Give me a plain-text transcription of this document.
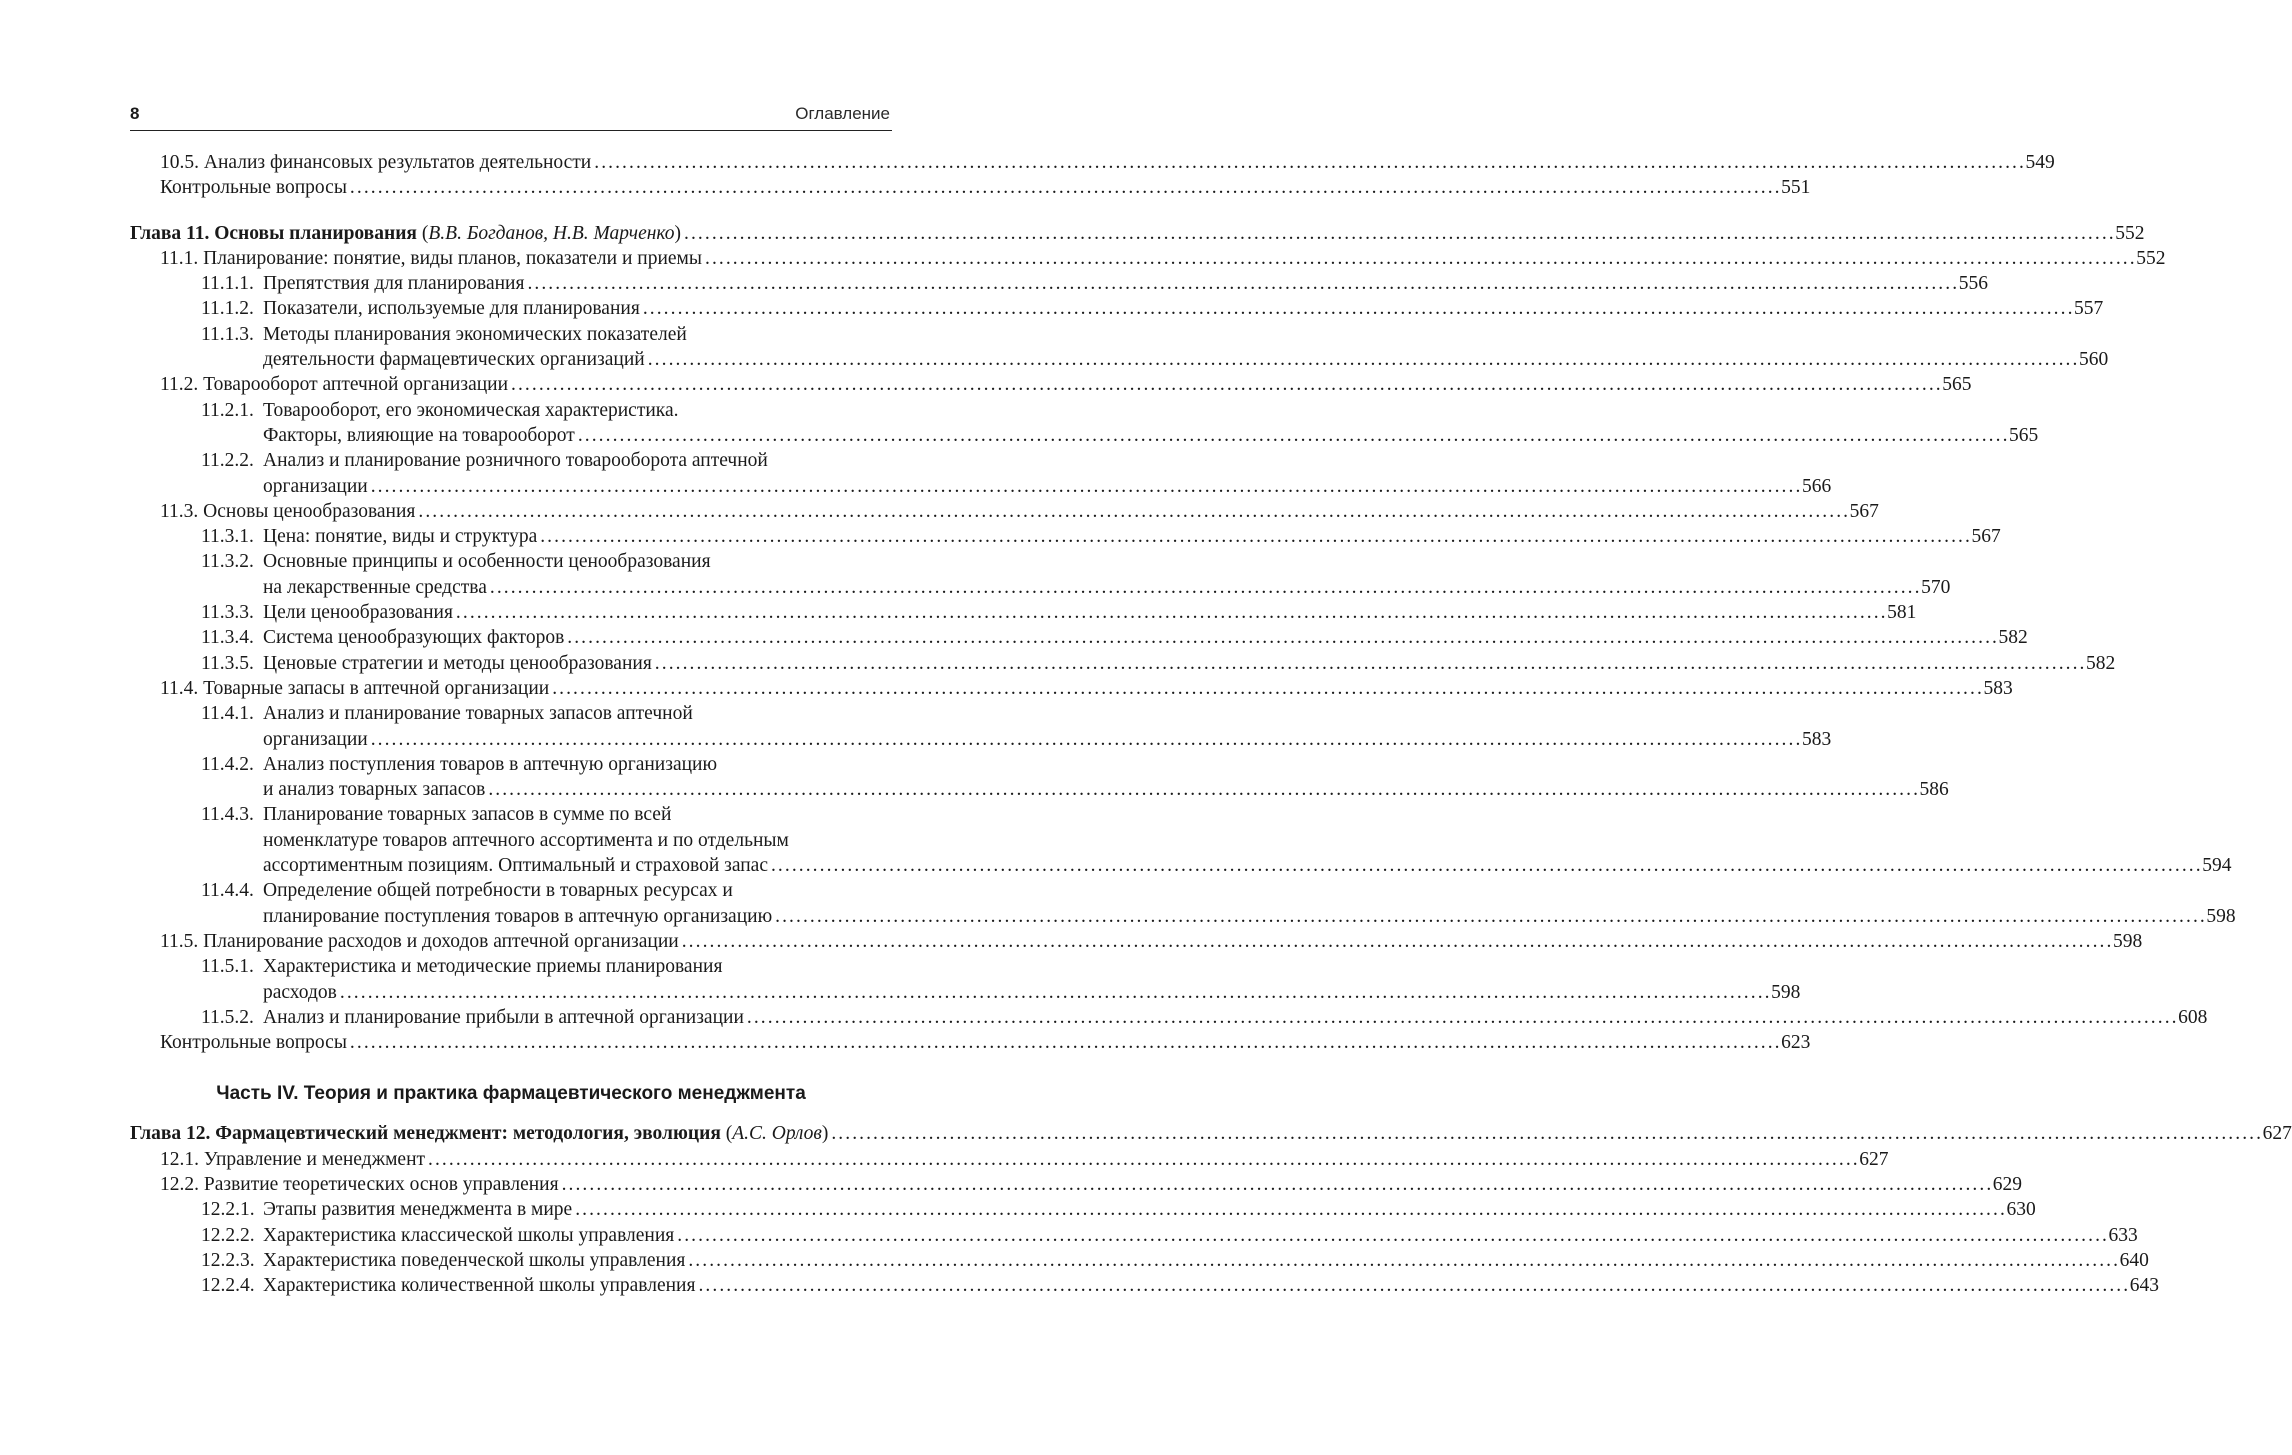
8	Оглавление
10.5. Анализ финансовых результатов деятельности . . .	549
Контрольные вопросы . . .	551
Глава 11. Основы планирования (В.В. Богданов, Н.В. Марченко) . . .	552
11.1. Планирование: понятие, виды планов, показатели и приемы . . .	552
11.1.1. Препятствия для планирования . . .	556
11.1.2. Показатели, используемые для планирования . . .	557
11.1.3. Методы планирования экономических показателей
деятельности фармацевтических организаций . . .	560
11.2. Товарооборот аптечной организации . . .	565
11.2.1. Товарооборот, его экономическая характеристика.
Факторы, влияющие на товарооборот . . .	565
11.2.2. Анализ и планирование розничного товарооборота аптечной
организации . . .	566
11.3. Основы ценообразования . . .	567
11.3.1. Цена: понятие, виды и структура . . .	567
11.3.2. Основные принципы и особенности ценообразования
на лекарственные средства . . .	570
11.3.3. Цели ценообразования . . .	581
11.3.4. Система ценообразующих факторов . . .	582
11.3.5. Ценовые стратегии и методы ценообразования . . .	582
11.4. Товарные запасы в аптечной организации . . .	583
11.4.1. Анализ и планирование товарных запасов аптечной
организации . . .	583
11.4.2. Анализ поступления товаров в аптечную организацию
и анализ товарных запасов . . .	586
11.4.3. Планирование товарных запасов в сумме по всей
номенклатуре товаров аптечного ассортимента и по отдельным
ассортиментным позициям. Оптимальный и страховой запас . . .	594
11.4.4. Определение общей потребности в товарных ресурсах и
планирование поступления товаров в аптечную организацию . . .	598
11.5. Планирование расходов и доходов аптечной организации . . .	598
11.5.1. Характеристика и методические приемы планирования
расходов . . .	598
11.5.2. Анализ и планирование прибыли в аптечной организации . . .	608
Контрольные вопросы . . .	623
Часть IV. Теория и практика фармацевтического менеджмента
Глава 12. Фармацевтический менеджмент: методология, эволюция (А.С. Орлов) . . .	627
12.1. Управление и менеджмент . . .	627
12.2. Развитие теоретических основ управления . . .	629
12.2.1. Этапы развития менеджмента в мире . . .	630
12.2.2. Характеристика классической школы управления . . .	633
12.2.3. Характеристика поведенческой школы управления . . .	640
12.2.4. Характеристика количественной школы управления . . .	643
